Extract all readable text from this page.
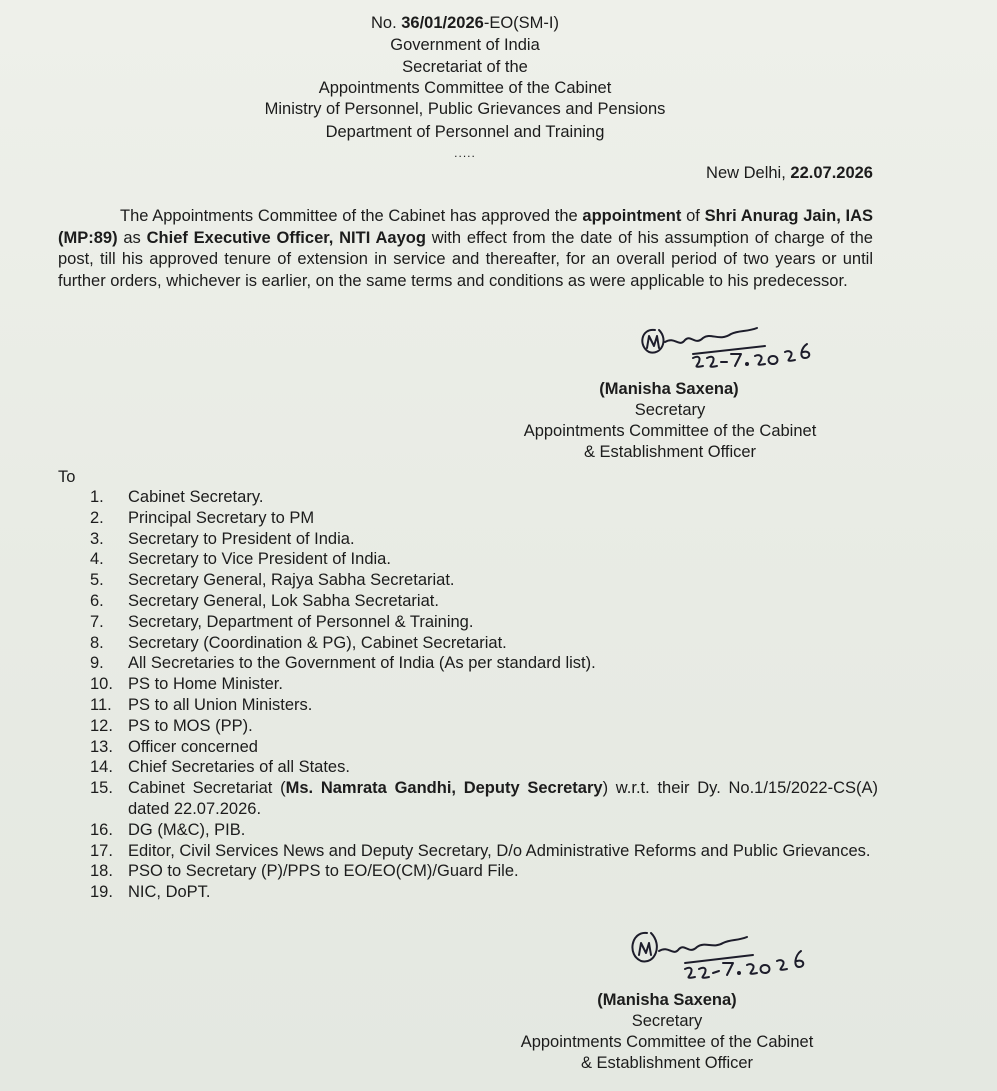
No. 36/01/2026-EO(SM-I)
Government of India
Secretariat of the
Appointments Committee of the Cabinet
Ministry of Personnel, Public Grievances and Pensions
Department of Personnel and Training
.....
New Delhi, 22.07.2026
The Appointments Committee of the Cabinet has approved the appointment of Shri Anurag Jain, IAS (MP:89) as Chief Executive Officer, NITI Aayog with effect from the date of his assumption of charge of the post, till his approved tenure of extension in service and thereafter, for an overall period of two years or until further orders, whichever is earlier, on the same terms and conditions as were applicable to his predecessor.
22.7.2026
(Manisha Saxena)
Secretary
Appointments Committee of the Cabinet
& Establishment Officer
To
1.	Cabinet Secretary.
2.	Principal Secretary to PM
3.	Secretary to President of India.
4.	Secretary to Vice President of India.
5.	Secretary General, Rajya Sabha Secretariat.
6.	Secretary General, Lok Sabha Secretariat.
7.	Secretary, Department of Personnel & Training.
8.	Secretary (Coordination & PG), Cabinet Secretariat.
9.	All Secretaries to the Government of India (As per standard list).
10. PS to Home Minister.
11. PS to all Union Ministers.
12. PS to MOS (PP).
13. Officer concerned
14. Chief Secretaries of all States.
15. Cabinet Secretariat (Ms. Namrata Gandhi, Deputy Secretary) w.r.t. their Dy. No.1/15/2022-CS(A) dated 22.07.2026.
16. DG (M&C), PIB.
17. Editor, Civil Services News and Deputy Secretary, D/o Administrative Reforms and Public Grievances.
18. PSO to Secretary (P)/PPS to EO/EO(CM)/Guard File.
19. NIC, DoPT.
22-7.2026
(Manisha Saxena)
Secretary
Appointments Committee of the Cabinet
& Establishment Officer
